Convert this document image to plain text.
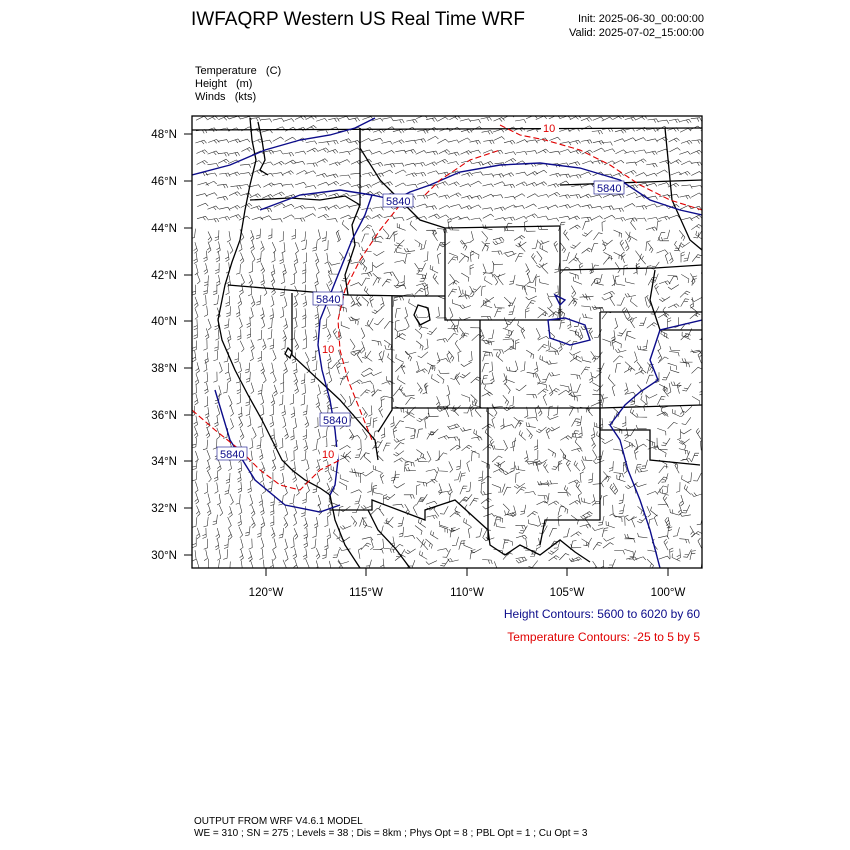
IWFAQRP Western US Real Time WRF	Init: 2025-06-30_00:00:00
Valid: 2025-07-02_15:00:00
Temperature   (C)
Height   (m)
Winds   (kts)
5840
5840
5840
5840
5840
10
10
10
48°N
46°N
44°N
42°N
40°N
38°N
36°N
34°N
32°N
30°N
120°W	115°W	110°W	105°W	100°W
Height Contours: 5600 to 6020 by 60
Temperature Contours: -25 to 5 by 5
OUTPUT FROM WRF V4.6.1 MODEL
WE = 310 ; SN = 275 ; Levels = 38 ; Dis = 8km ; Phys Opt = 8 ; PBL Opt = 1 ; Cu Opt = 3
